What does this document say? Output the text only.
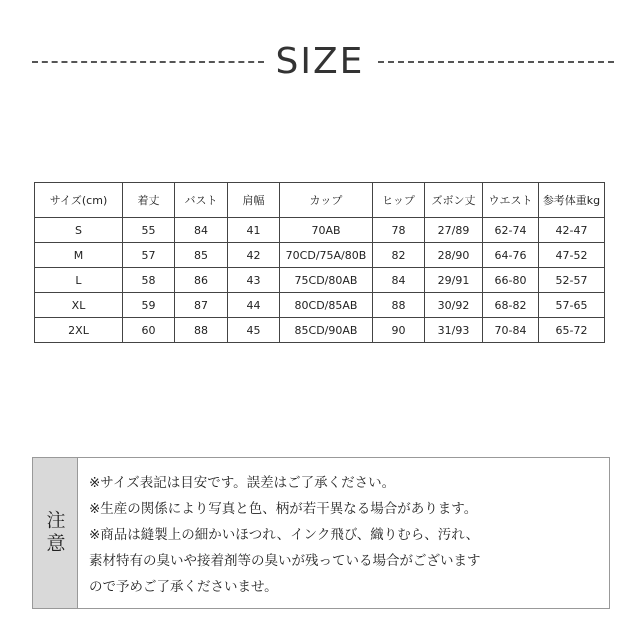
SIZE
サイズ(cm)	着丈	バスト	肩幅	カップ	ヒップ	ズボン丈	ウエスト	参考体重kg
S	55	84	41	70AB	78	27/89	62-74	42-47
M	57	85	42	70CD/75A/80B	82	28/90	64-76	47-52
L	58	86	43	75CD/80AB	84	29/91	66-80	52-57
XL	59	87	44	80CD/85AB	88	30/92	68-82	57-65
2XL	60	88	45	85CD/90AB	90	31/93	70-84	65-72
注意
※サイズ表記は目安です。誤差はご了承ください。
※生産の関係により写真と色、柄が若干異なる場合があります。
※商品は縫製上の細かいほつれ、インク飛び、織りむら、汚れ、
素材特有の臭いや接着剤等の臭いが残っている場合がございます
ので予めご了承くださいませ。
